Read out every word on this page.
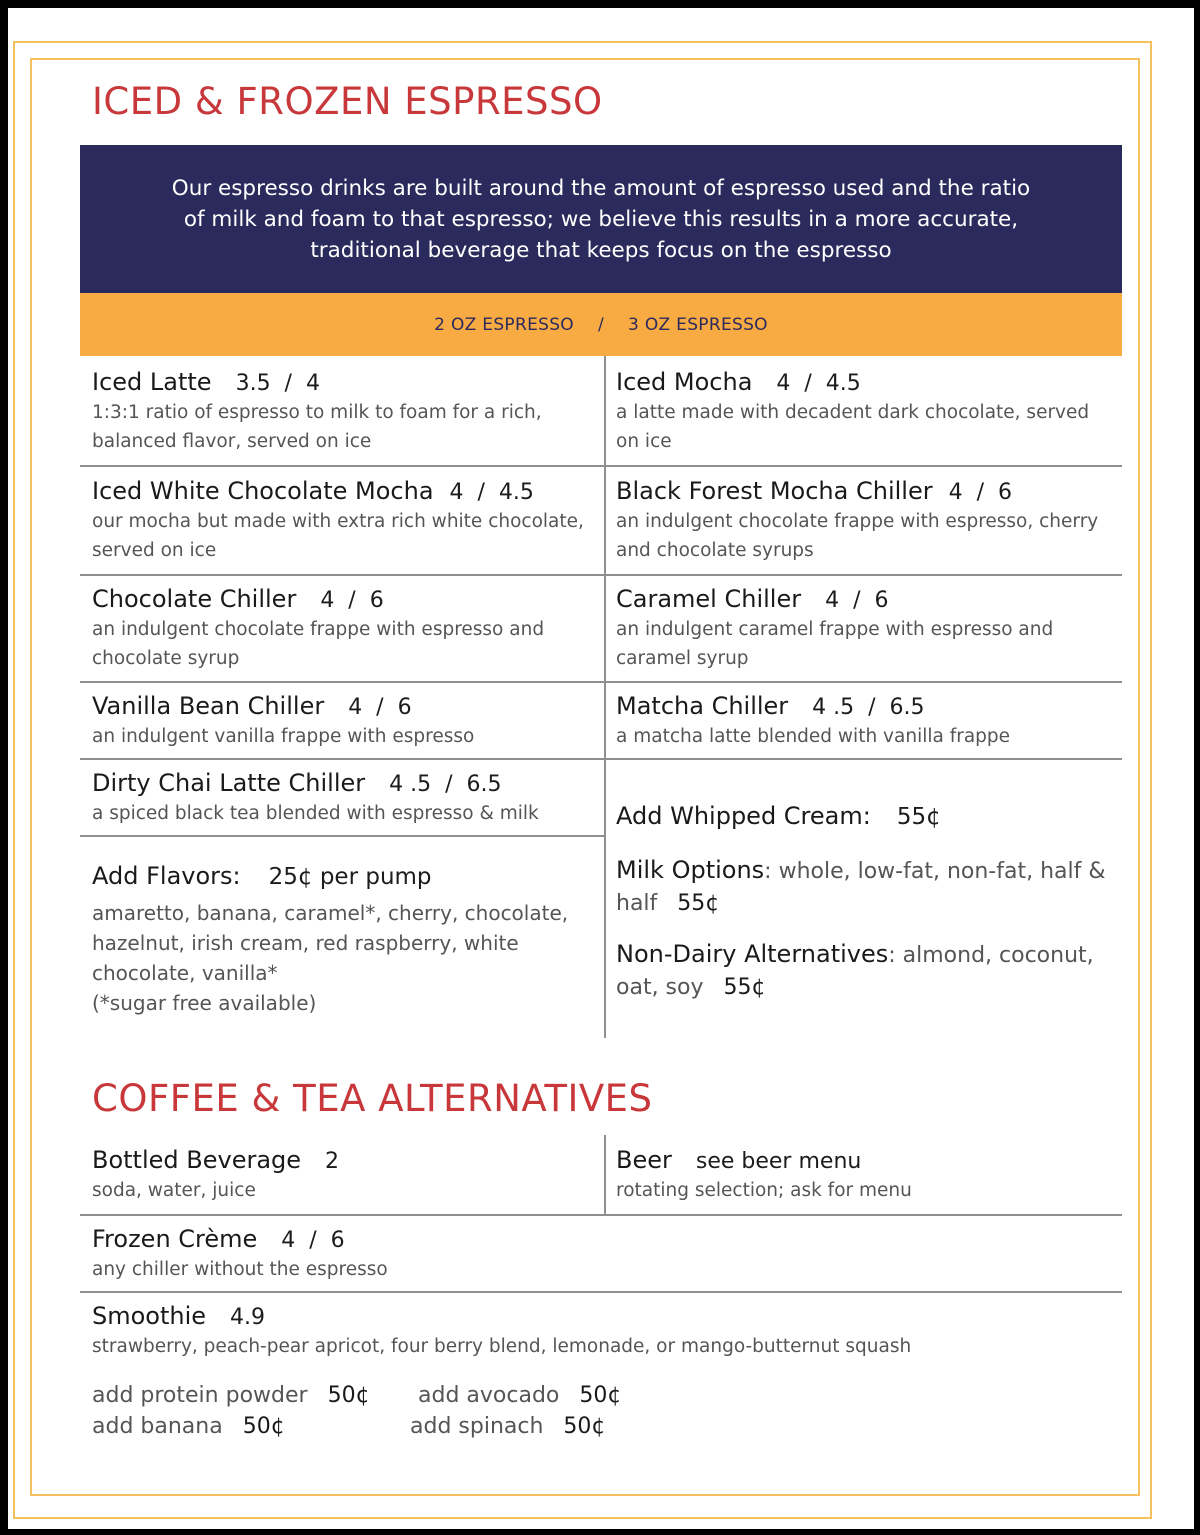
ICED & FROZEN ESPRESSO
Our espresso drinks are built around the amount of espresso used and the ratio of milk and foam to that espresso; we believe this results in a more accurate, traditional beverage that keeps focus on the espresso
2 OZ ESPRESSO / 3 OZ ESPRESSO
Iced Latte 3.5  /  4
1:3:1 ratio of espresso to milk to foam for a rich, balanced flavor, served on ice
Iced Mocha 4  /  4.5
a latte made with decadent dark chocolate, served on ice
Iced White Chocolate Mocha 4  /  4.5
our mocha but made with extra rich white chocolate, served on ice
Black Forest Mocha Chiller 4  /  6
an indulgent chocolate frappe with espresso, cherry and chocolate syrups
Chocolate Chiller 4  /  6
an indulgent chocolate frappe with espresso and chocolate syrup
Caramel Chiller 4  /  6
an indulgent caramel frappe with espresso and caramel syrup
Vanilla Bean Chiller 4  /  6
an indulgent vanilla frappe with espresso
Matcha Chiller 4 .5  /  6.5
a matcha latte blended with vanilla frappe
Dirty Chai Latte Chiller 4 .5  /  6.5
a spiced black tea blended with espresso & milk
Add Flavors: 25¢ per pump
amaretto, banana, caramel*, cherry, chocolate, hazelnut, irish cream, red raspberry, white chocolate, vanilla*
(*sugar free available)
Add Whipped Cream: 55¢
Milk Options: whole, low-fat, non-fat, half & half 55¢
Non-Dairy Alternatives: almond, coconut, oat, soy 55¢
COFFEE & TEA ALTERNATIVES
Bottled Beverage 2
soda, water, juice
Beer see beer menu
rotating selection; ask for menu
Frozen Crème 4  /  6
any chiller without the espresso
Smoothie 4.9
strawberry, peach-pear apricot, four berry blend, lemonade, or mango-butternut squash
add protein powder 50¢ add avocado 50¢
add banana 50¢	add spinach 50¢
